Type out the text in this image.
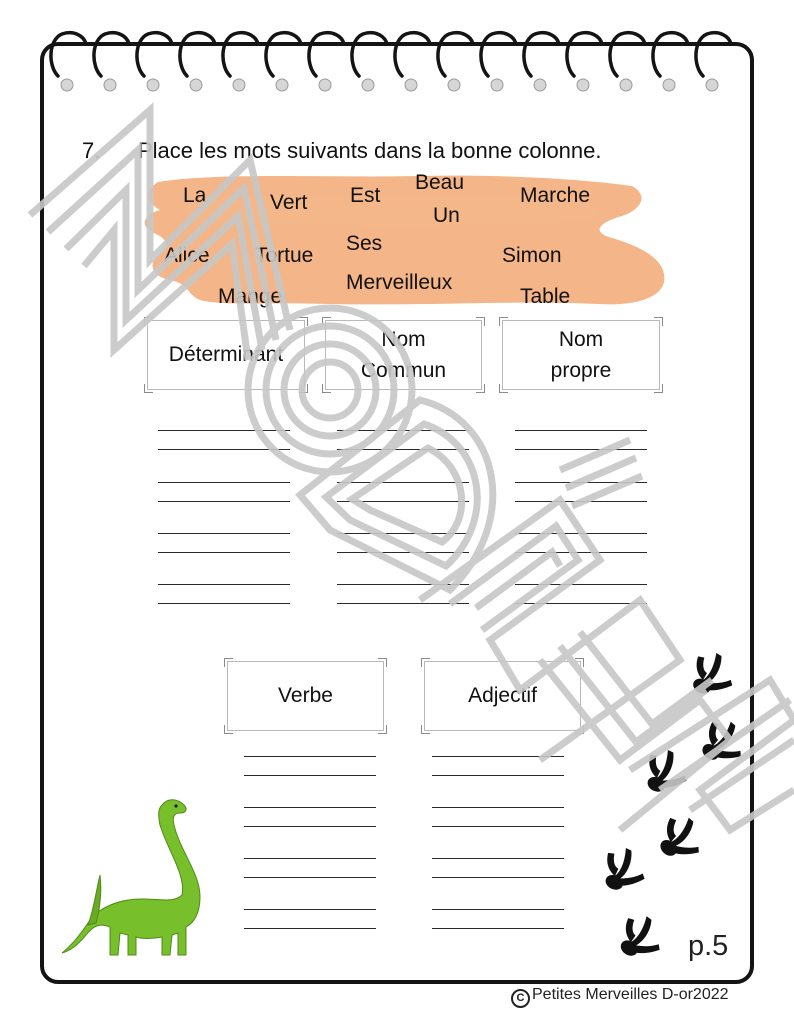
7. Place les mots suivants dans la bonne colonne.
La	Vert Est
Beau
Un
Marche
Alice Tortue
Ses
Simon
Mange
Merveilleux
Table
Déterminant
Nom
Commun
Nom
propre
Verbe	Adjectif
p.5
C Petites Merveilles D-or2022
